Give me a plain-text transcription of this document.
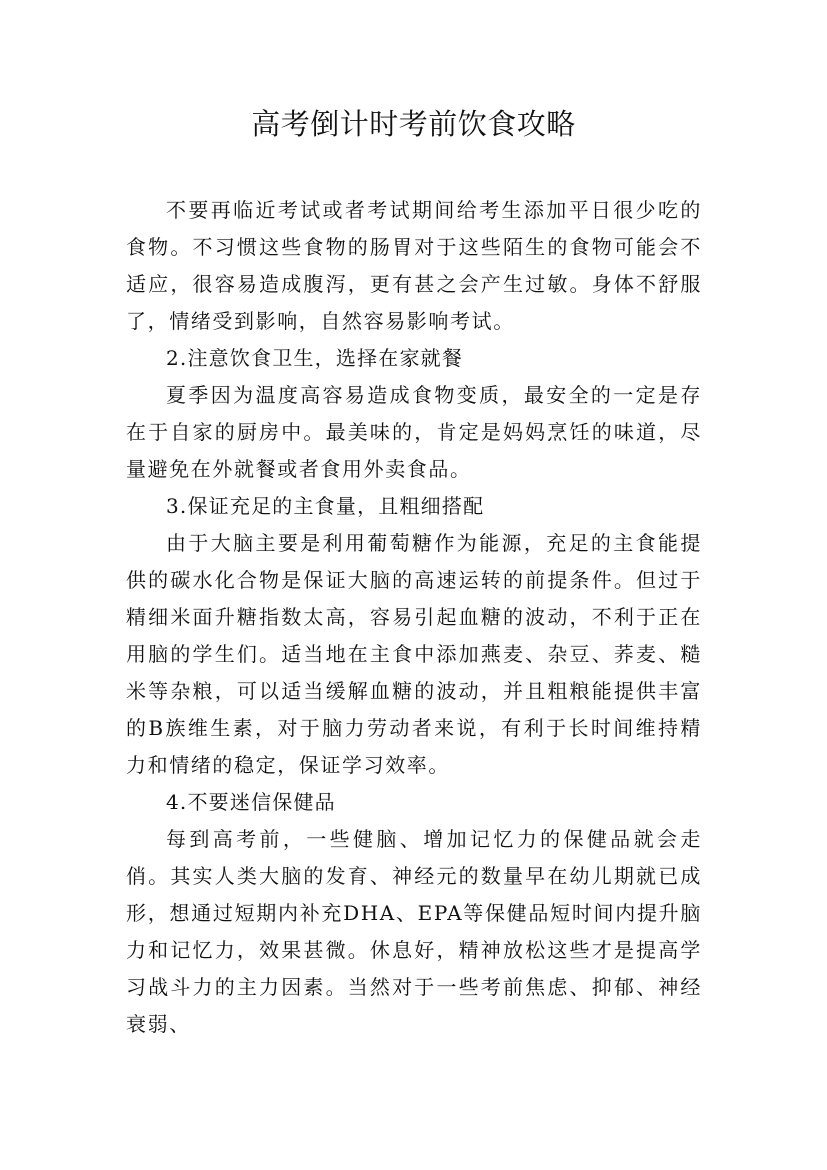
高考倒计时考前饮食攻略

不要再临近考试或者考试期间给考生添加平日很少吃的食物。不习惯这些食物的肠胃对于这些陌生的食物可能会不适应，很容易造成腹泻，更有甚之会产生过敏。身体不舒服了，情绪受到影响，自然容易影响考试。

2.注意饮食卫生，选择在家就餐

夏季因为温度高容易造成食物变质，最安全的一定是存在于自家的厨房中。最美味的，肯定是妈妈烹饪的味道，尽量避免在外就餐或者食用外卖食品。

3.保证充足的主食量，且粗细搭配

由于大脑主要是利用葡萄糖作为能源，充足的主食能提供的碳水化合物是保证大脑的高速运转的前提条件。但过于精细米面升糖指数太高，容易引起血糖的波动，不利于正在用脑的学生们。适当地在主食中添加燕麦、杂豆、荞麦、糙米等杂粮，可以适当缓解血糖的波动，并且粗粮能提供丰富的B族维生素，对于脑力劳动者来说，有利于长时间维持精力和情绪的稳定，保证学习效率。

4.不要迷信保健品

每到高考前，一些健脑、增加记忆力的保健品就会走俏。其实人类大脑的发育、神经元的数量早在幼儿期就已成形，想通过短期内补充DHA、EPA等保健品短时间内提升脑力和记忆力，效果甚微。休息好，精神放松这些才是提高学习战斗力的主力因素。当然对于一些考前焦虑、抑郁、神经衰弱、
